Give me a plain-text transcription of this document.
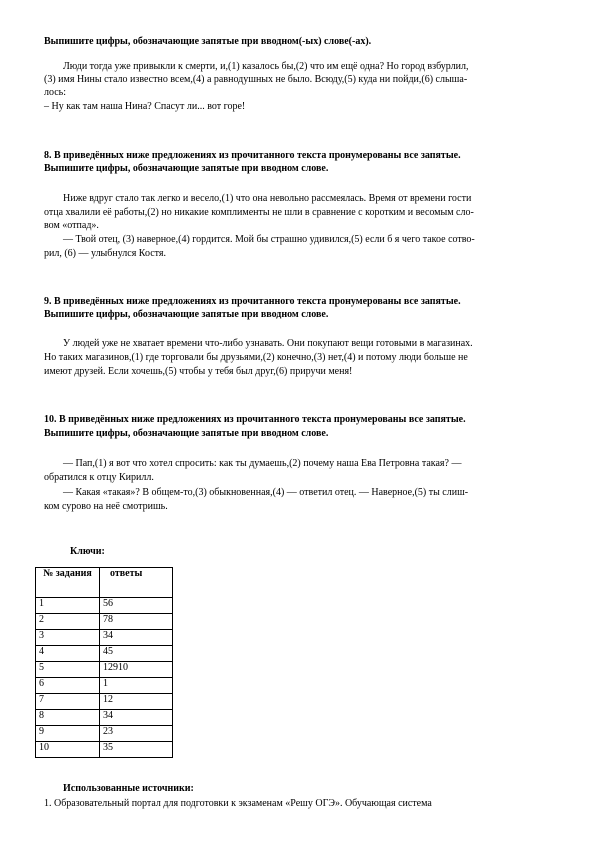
Выпишите цифры, обозначающие запятые при вводном(-ых) слове(-ах).
Люди тогда уже привыкли к смерти, и,(1) казалось бы,(2) что им ещё одна? Но город взбурлил,
(3) имя Нины стало известно всем,(4) а равнодушных не было. Всюду,(5) куда ни пойди,(6) слыша-
лось:
– Ну как там наша Нина? Спасут ли... вот горе!
8. В приведённых ниже предложениях из прочитанного текста пронумерованы все запятые.
Выпишите цифры, обозначающие запятые при вводном слове.
Ниже вдруг стало так легко и весело,(1) что она невольно рассмеялась. Время от времени гости
отца хвалили её работы,(2) но никакие комплименты не шли в сравнение с коротким и весомым сло-
вом «отпад».
— Твой отец, (3) наверное,(4) гордится. Мой бы страшно удивился,(5) если б я чего такое сотво-
рил, (6) — улыбнулся Костя.
9. В приведённых ниже предложениях из прочитанного текста пронумерованы все запятые.
Выпишите цифры, обозначающие запятые при вводном слове.
У людей уже не хватает времени что-либо узнавать. Они покупают вещи готовыми в магазинах.
Но таких магазинов,(1) где торговали бы друзьями,(2) конечно,(3) нет,(4) и потому люди больше не
имеют друзей. Если хочешь,(5) чтобы у тебя был друг,(6) приручи меня!
10. В приведённых ниже предложениях из прочитанного текста пронумерованы все запятые.
Выпишите цифры, обозначающие запятые при вводном слове.
— Пап,(1) я вот что хотел спросить: как ты думаешь,(2) почему наша Ева Петровна такая? —
обратился к отцу Кирилл.
— Какая «такая»? В общем-то,(3) обыкновенная,(4) — ответил отец. — Наверное,(5) ты слиш-
ком сурово на неё смотришь.
Ключи:
№ задания	ответы
1	56
2	78
3	34
4	45
5	12910
6	1
7	12
8	34
9	23
10	35
Использованные источники:
1. Образовательный портал для подготовки к экзаменам «Решу ОГЭ». Обучающая система
